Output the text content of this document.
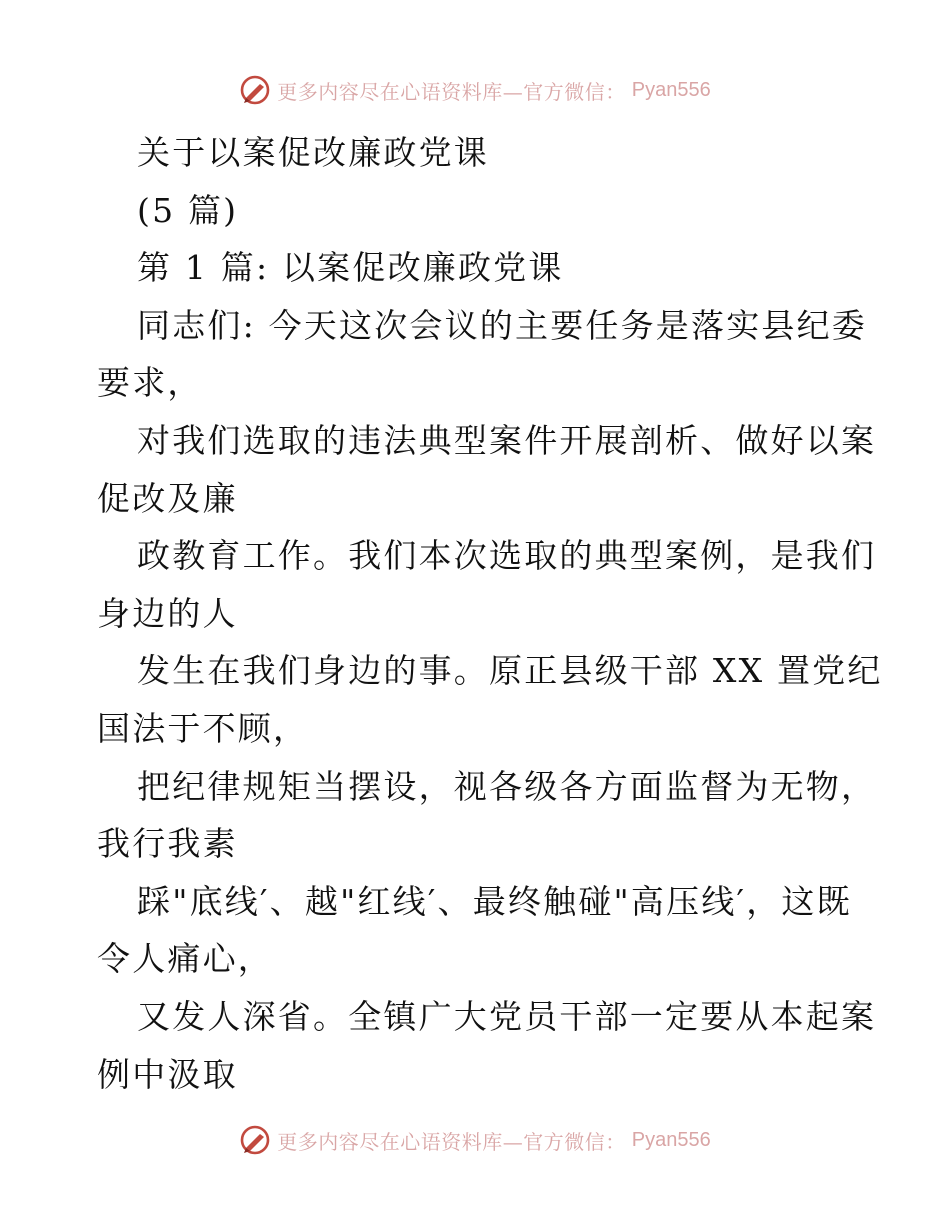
更多内容尽在心语资料库—官方微信： Pyan556
关于以案促改廉政党课
(5 篇)
第 1 篇: 以案促改廉政党课
同志们: 今天这次会议的主要任务是落实县纪委
要求，
对我们选取的违法典型案件开展剖析、做好以案
促改及廉
政教育工作。我们本次选取的典型案例，是我们
身边的人
发生在我们身边的事。原正县级干部 XX 置党纪
国法于不顾，
把纪律规矩当摆设，视各级各方面监督为无物，
我行我素
踩"底线′、越"红线′、最终触碰"高压线′，这既
令人痛心，
又发人深省。全镇广大党员干部一定要从本起案
例中汲取
更多内容尽在心语资料库—官方微信： Pyan556
